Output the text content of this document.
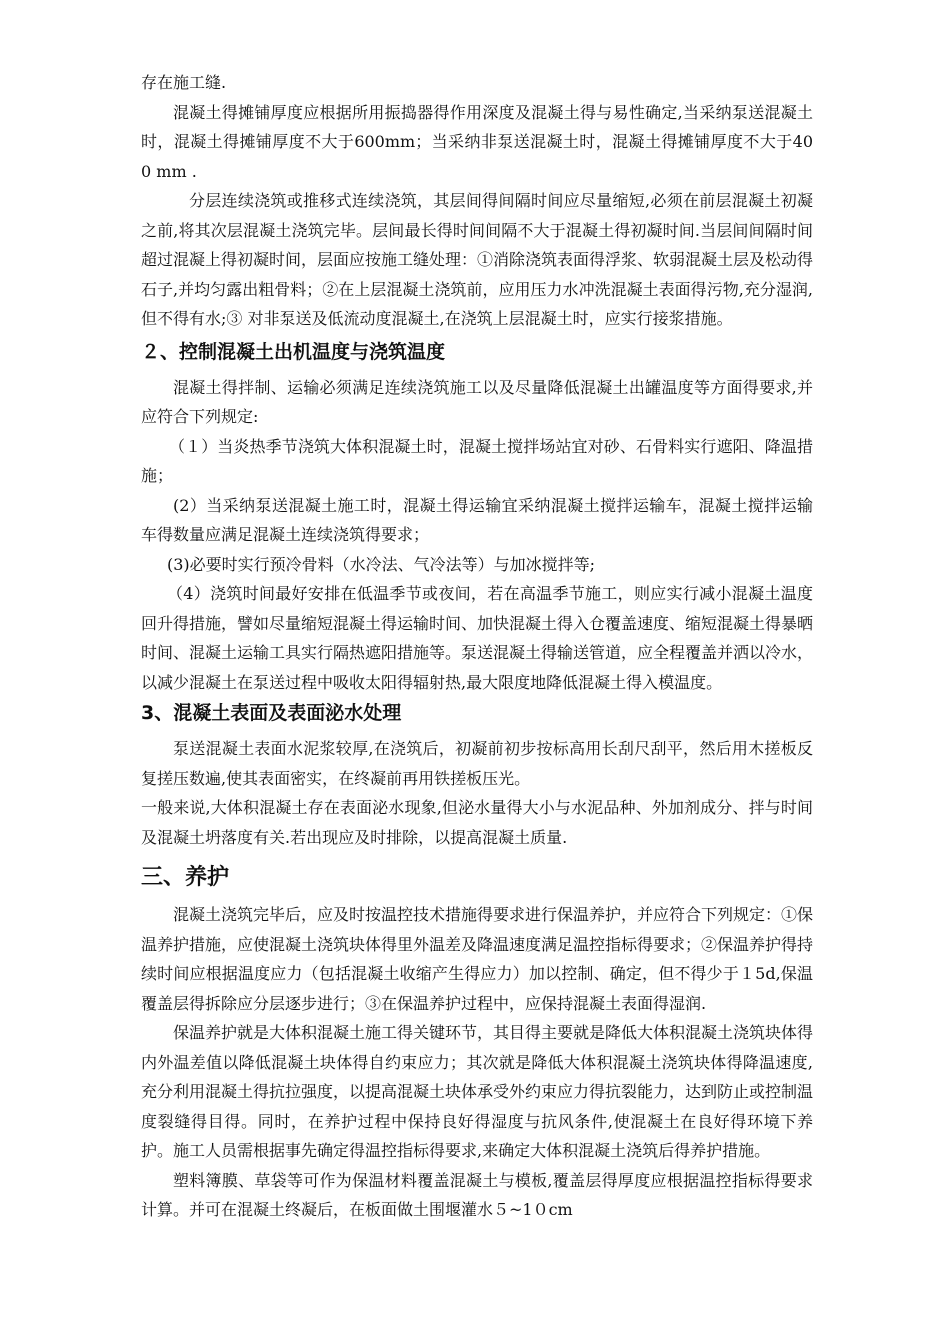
存在施工缝.

混凝土得摊铺厚度应根据所用振捣器得作用深度及混凝土得与易性确定,当采纳泵送混凝土时，混凝土得摊铺厚度不大于600mm；当采纳非泵送混凝土时，混凝土得摊铺厚度不大于40 0 mm .

分层连续浇筑或推移式连续浇筑，其层间得间隔时间应尽量缩短,必须在前层混凝土初凝之前,将其次层混凝土浇筑完毕。层间最长得时间间隔不大于混凝土得初凝时间.当层间间隔时间超过混凝上得初凝时间，层面应按施工缝处理：①消除浇筑表面得浮浆、软弱混凝土层及松动得石子,并均匀露出粗骨料；②在上层混凝土浇筑前，应用压力水冲洗混凝土表面得污物,充分湿润,但不得有水;③ 对非泵送及低流动度混凝土,在浇筑上层混凝土时，应实行接浆措施。

２、控制混凝土出机温度与浇筑温度

混凝土得拌制、运输必须满足连续浇筑施工以及尽量降低混凝土出罐温度等方面得要求,并应符合下列规定:

（１）当炎热季节浇筑大体积混凝土时，混凝土搅拌场站宜对砂、石骨料实行遮阳、降温措施；

(2）当采纳泵送混凝土施工时，混凝土得运输宜采纳混凝土搅拌运输车，混凝土搅拌运输车得数量应满足混凝土连续浇筑得要求；

(3)必要时实行预冷骨料（水冷法、气冷法等）与加冰搅拌等;

（4）浇筑时间最好安排在低温季节或夜间，若在高温季节施工，则应实行减小混凝土温度回升得措施，譬如尽量缩短混凝土得运输时间、加快混凝土得入仓覆盖速度、缩短混凝土得暴晒时间、混凝土运输工具实行隔热遮阳措施等。泵送混凝土得输送管道，应全程覆盖并洒以冷水，以减少混凝土在泵送过程中吸收太阳得辐射热,最大限度地降低混凝土得入模温度。

3、混凝土表面及表面泌水处理

泵送混凝土表面水泥浆较厚,在浇筑后，初凝前初步按标高用长刮尺刮平，然后用木搓板反复搓压数遍,使其表面密实，在终凝前再用铁搓板压光。

一般来说,大体积混凝土存在表面泌水现象,但泌水量得大小与水泥品种、外加剂成分、拌与时间及混凝土坍落度有关.若出现应及时排除，以提高混凝土质量.

三、养护

混凝土浇筑完毕后，应及时按温控技术措施得要求进行保温养护，并应符合下列规定：①保温养护措施，应使混凝土浇筑块体得里外温差及降温速度满足温控指标得要求；②保温养护得持续时间应根据温度应力（包括混凝土收缩产生得应力）加以控制、确定，但不得少于１5d,保温覆盖层得拆除应分层逐步进行；③在保温养护过程中，应保持混凝土表面得湿润.

保温养护就是大体积混凝土施工得关键环节，其目得主要就是降低大体积混凝土浇筑块体得内外温差值以降低混凝土块体得自约束应力；其次就是降低大体积混凝土浇筑块体得降温速度,充分利用混凝土得抗拉强度，以提高混凝土块体承受外约束应力得抗裂能力，达到防止或控制温度裂缝得目得。同时，在养护过程中保持良好得湿度与抗风条件,使混凝土在良好得环境下养护。施工人员需根据事先确定得温控指标得要求,来确定大体积混凝土浇筑后得养护措施。

塑料簿膜、草袋等可作为保温材料覆盖混凝土与模板,覆盖层得厚度应根据温控指标得要求计算。并可在混凝土终凝后，在板面做土围堰灌水５~1０cm
